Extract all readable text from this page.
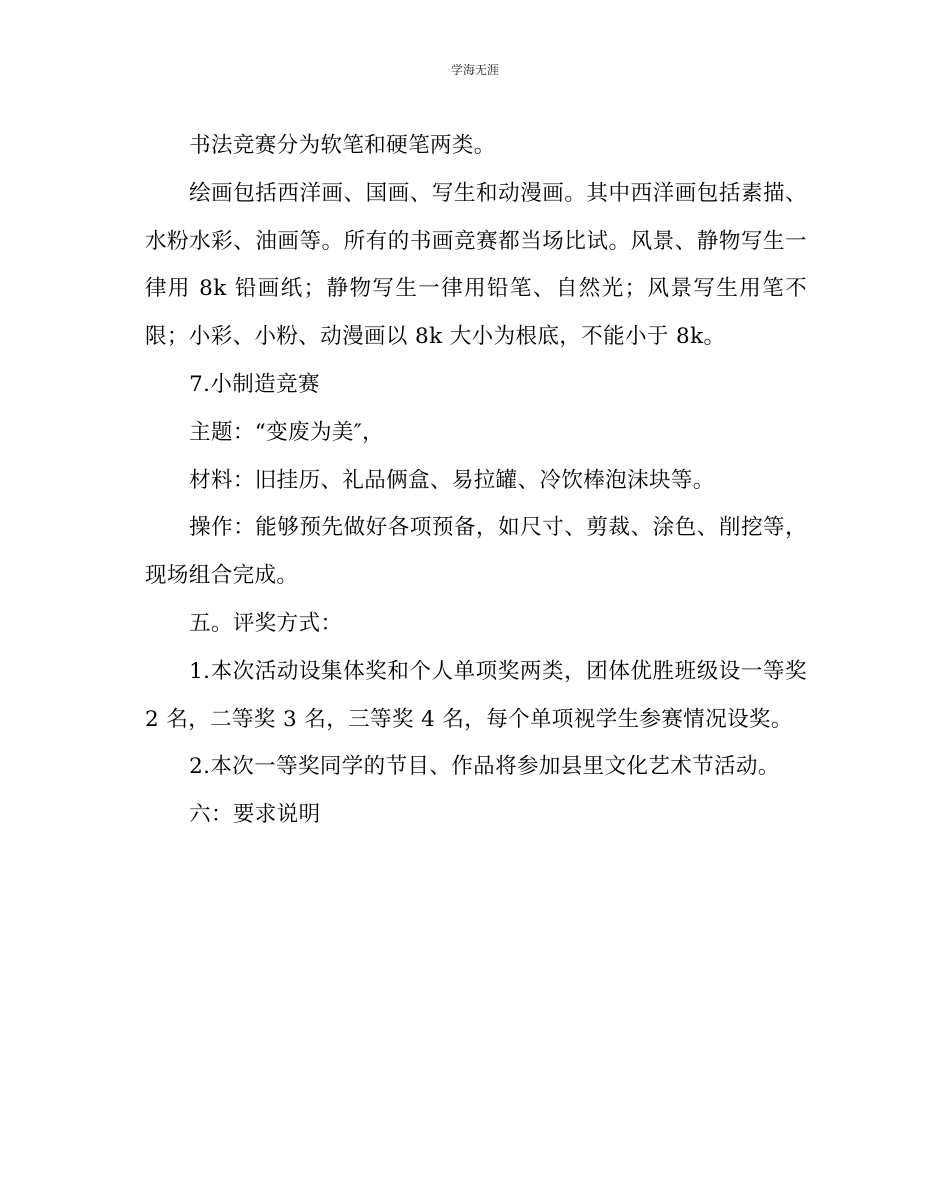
学海无涯

书法竞赛分为软笔和硬笔两类。

绘画包括西洋画、国画、写生和动漫画。其中西洋画包括素描、水粉水彩、油画等。所有的书画竞赛都当场比试。风景、静物写生一律用 8k 铅画纸；静物写生一律用铅笔、自然光；风景写生用笔不限；小彩、小粉、动漫画以 8k 大小为根底，不能小于 8k。

7.小制造竞赛

主题：“变废为美″，

材料：旧挂历、礼品俩盒、易拉罐、冷饮棒泡沫块等。

操作：能够预先做好各项预备，如尺寸、剪裁、涂色、削挖等，现场组合完成。

五。评奖方式：

1.本次活动设集体奖和个人单项奖两类，团体优胜班级设一等奖 2 名，二等奖 3 名，三等奖 4 名，每个单项视学生参赛情况设奖。

2.本次一等奖同学的节目、作品将参加县里文化艺术节活动。

六：要求说明
